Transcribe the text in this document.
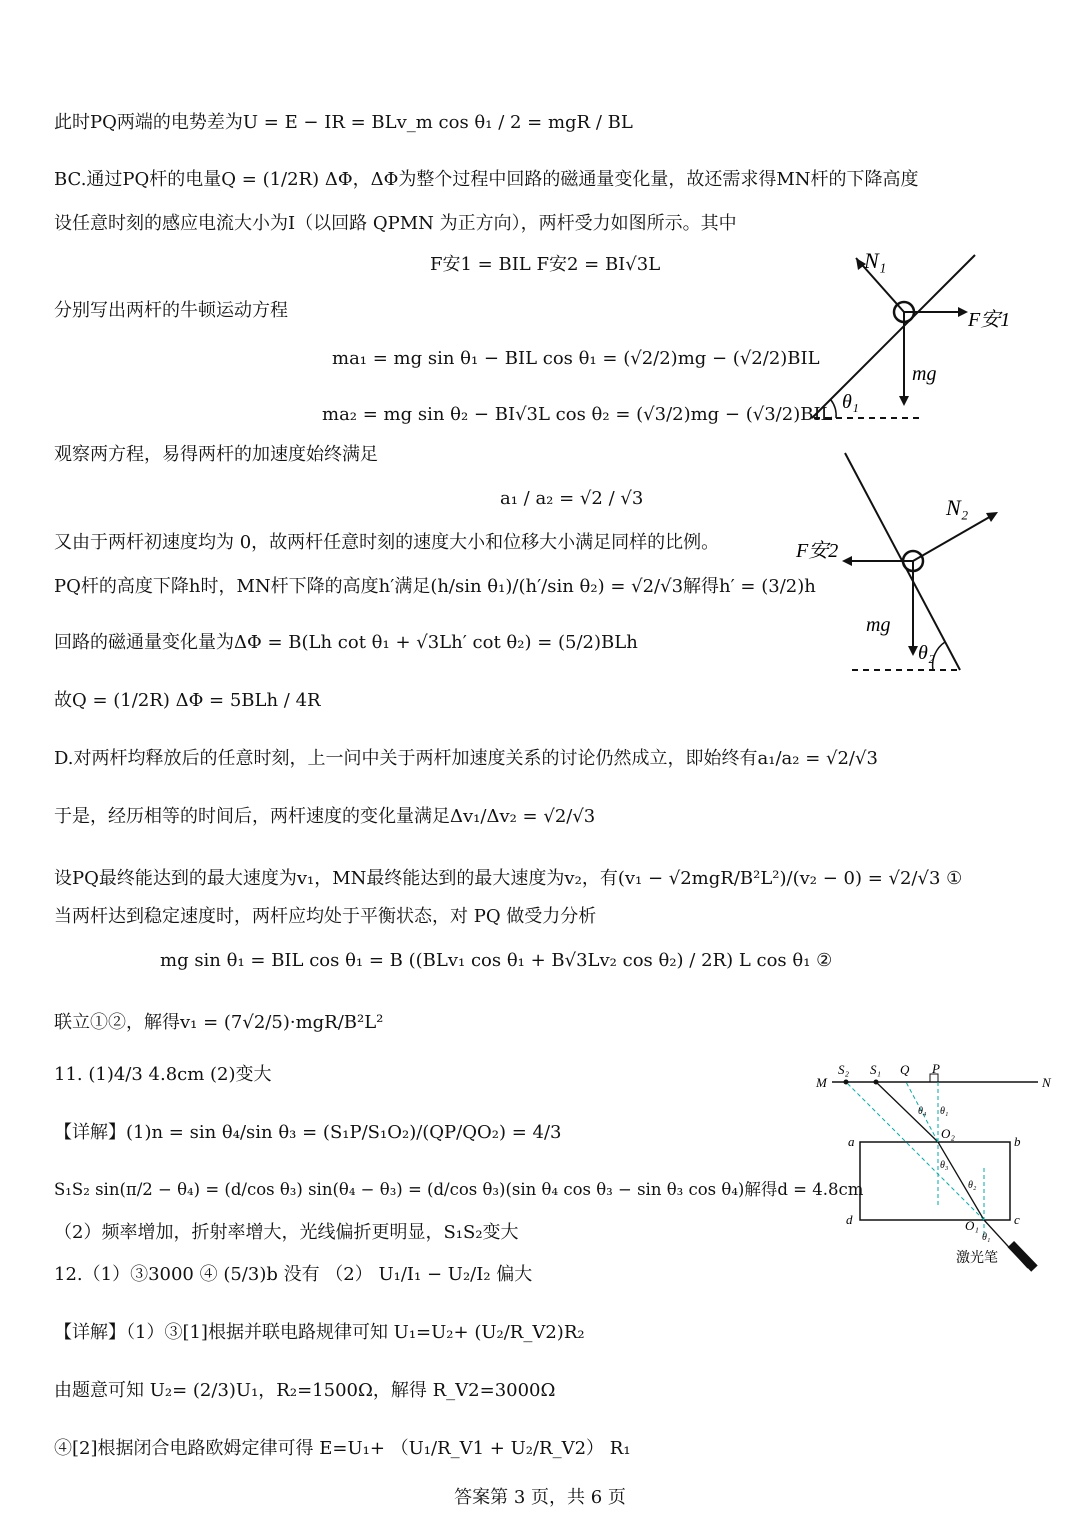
此时PQ两端的电势差为U = E − IR = BLv_m cos θ₁ / 2 = mgR / BL
BC.通过PQ杆的电量Q = (1/2R) ΔΦ，ΔΦ为整个过程中回路的磁通量变化量，故还需求得MN杆的下降高度
设任意时刻的感应电流大小为I（以回路 QPMN 为正方向），两杆受力如图所示。其中
F安1 = BIL F安2 = BI√3L
分别写出两杆的牛顿运动方程
ma₁ = mg sin θ₁ − BIL cos θ₁ = (√2/2)mg − (√2/2)BIL
ma₂ = mg sin θ₂ − BI√3L cos θ₂ = (√3/2)mg − (√3/2)BIL
观察两方程，易得两杆的加速度始终满足
a₁ / a₂ = √2 / √3
又由于两杆初速度均为 0，故两杆任意时刻的速度大小和位移大小满足同样的比例。
PQ杆的高度下降h时，MN杆下降的高度h′满足(h/sin θ₁)/(h′/sin θ₂) = √2/√3解得h′ = (3/2)h
回路的磁通量变化量为ΔΦ = B(Lh cot θ₁ + √3Lh′ cot θ₂) = (5/2)BLh
故Q = (1/2R) ΔΦ = 5BLh / 4R
D.对两杆均释放后的任意时刻，上一问中关于两杆加速度关系的讨论仍然成立，即始终有a₁/a₂ = √2/√3
于是，经历相等的时间后，两杆速度的变化量满足Δv₁/Δv₂ = √2/√3
设PQ最终能达到的最大速度为v₁，MN最终能达到的最大速度为v₂，有(v₁ − √2mgR/B²L²)/(v₂ − 0) = √2/√3 ①
当两杆达到稳定速度时，两杆应均处于平衡状态，对 PQ 做受力分析
mg sin θ₁ = BIL cos θ₁ = B ((BLv₁ cos θ₁ + B√3Lv₂ cos θ₂) / 2R) L cos θ₁ ②
联立①②，解得v₁ = (7√2/5)·mgR/B²L²
11. (1)4/3 4.8cm (2)变大
【详解】(1)n = sin θ₄/sin θ₃ = (S₁P/S₁O₂)/(QP/QO₂) = 4/3
S₁S₂ sin(π/2 − θ₄) = (d/cos θ₃) sin(θ₄ − θ₃) = (d/cos θ₃)(sin θ₄ cos θ₃ − sin θ₃ cos θ₄)解得d = 4.8cm
（2）频率增加，折射率增大，光线偏折更明显，S₁S₂变大
12.（1）③3000 ④ (5/3)b 没有 （2） U₁/I₁ − U₂/I₂ 偏大
【详解】（1）③[1]根据并联电路规律可知 U₁=U₂+ (U₂/R_V2)R₂
由题意可知 U₂= (2/3)U₁，R₂=1500Ω，解得 R_V2=3000Ω
④[2]根据闭合电路欧姆定律可得 E=U₁+ （U₁/R_V1 + U₂/R_V2） R₁
N₁
F安1
mg
θ₁
N₂
F安2
mg
θ₂
M	N
S₂ S₁ Q P
a	b
c
d	O₁
O₂
θ₄ θ₁
θ₃
θ₂
θ₁
激光笔
答案第 3 页，共 6 页
